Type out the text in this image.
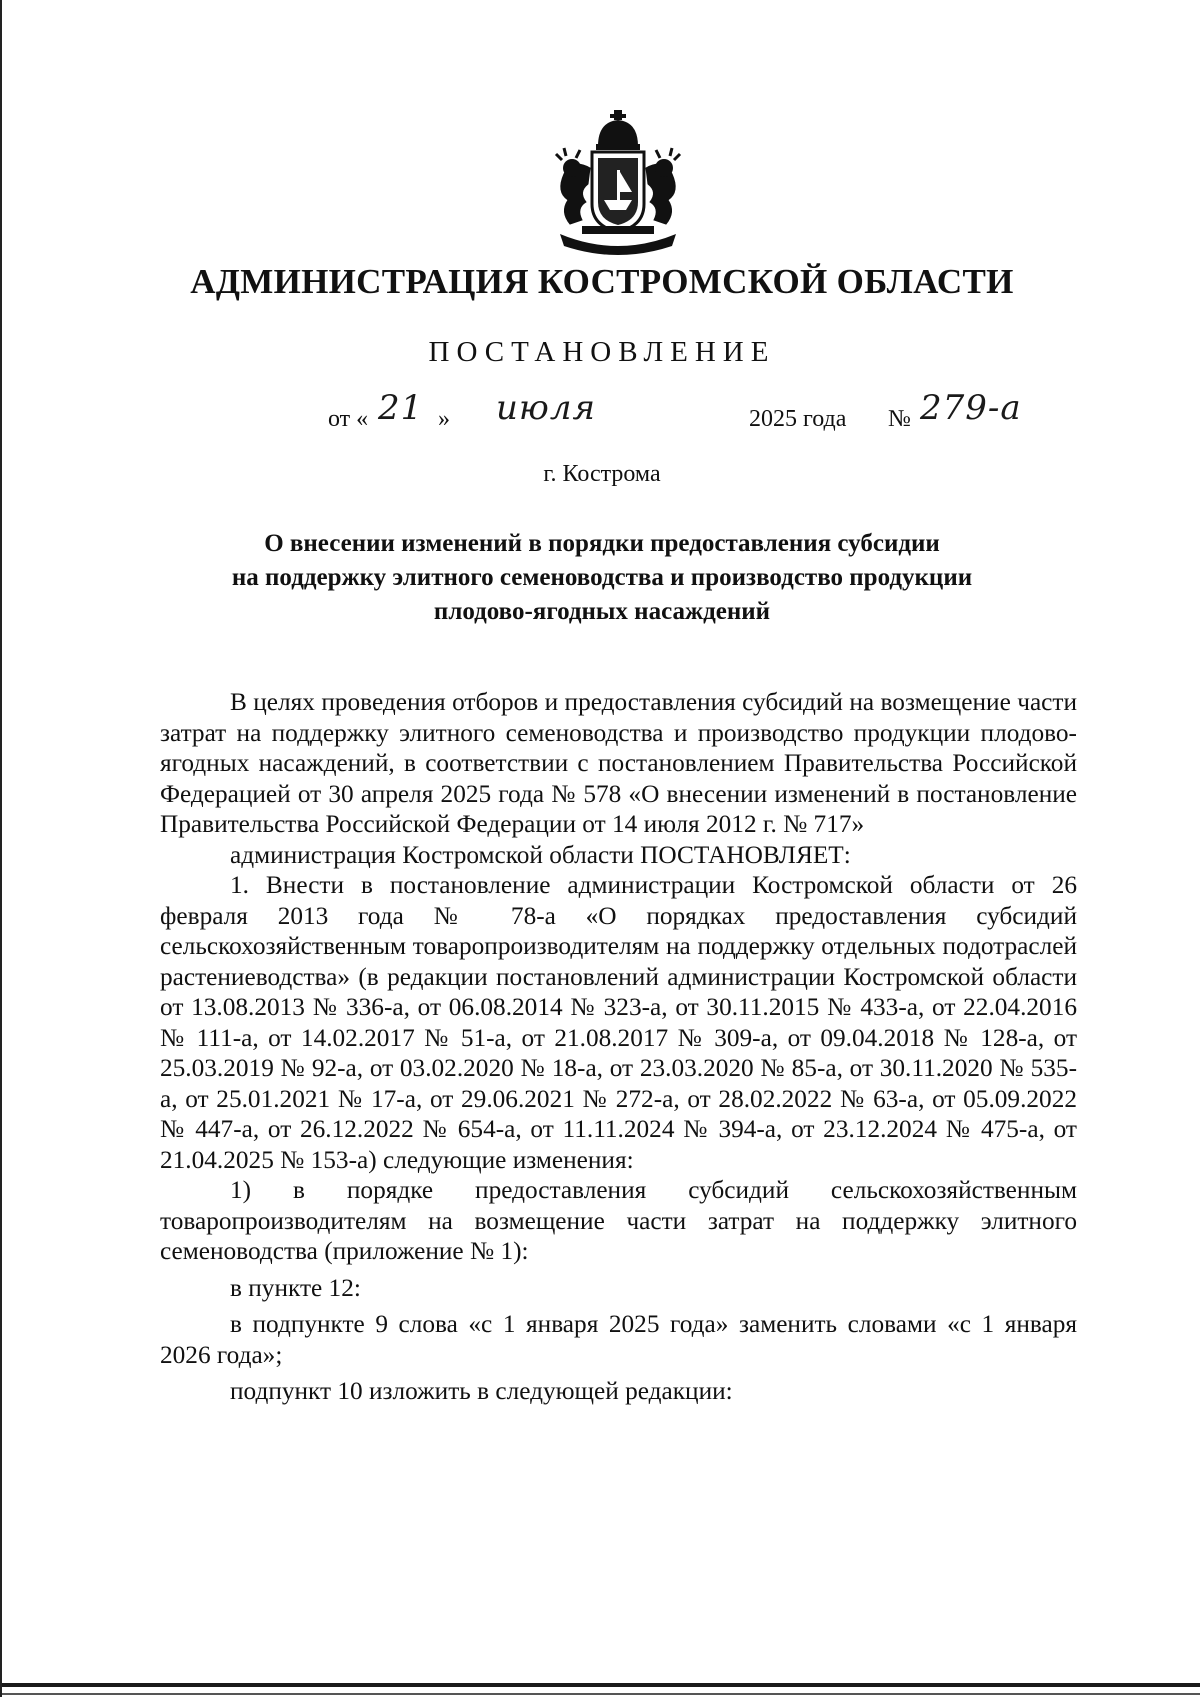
АДМИНИСТРАЦИЯ КОСТРОМСКОЙ ОБЛАСТИ
ПОСТАНОВЛЕНИЕ
от « 21 » июля	2025 года № 279-а
г. Кострома
О внесении изменений в порядки предоставления субсидии
на поддержку элитного семеноводства и производство продукции
плодово-ягодных насаждений

В целях проведения отборов и предоставления субсидий на возмещение части затрат на поддержку элитного семеноводства и производство продукции плодово-ягодных насаждений, в соответствии с постановлением Правительства Российской Федерацией от 30 апреля 2025 года № 578 «О внесении изменений в постановление Правительства Российской Федерации от 14 июля 2012 г. № 717»

администрация Костромской области ПОСТАНОВЛЯЕТ:

1. Внести в постановление администрации Костромской области от 26 февраля 2013 года № 78-а «О порядках предоставления субсидий сельскохозяйственным товаропроизводителям на поддержку отдельных подотраслей растениеводства» (в редакции постановлений администрации Костромской области от 13.08.2013 № 336-а, от 06.08.2014 № 323-а, от 30.11.2015 № 433-а, от 22.04.2016 № 111-а, от 14.02.2017 № 51-а, от 21.08.2017 № 309-а, от 09.04.2018 № 128-а, от 25.03.2019 № 92-а, от 03.02.2020 № 18-а, от 23.03.2020 № 85-а, от 30.11.2020 № 535-а, от 25.01.2021 № 17-а, от 29.06.2021 № 272-а, от 28.02.2022 № 63-а, от 05.09.2022 № 447-а, от 26.12.2022 № 654-а, от 11.11.2024 № 394-а, от 23.12.2024 № 475-а, от 21.04.2025 № 153-а) следующие изменения:

1) в порядке предоставления субсидий сельскохозяйственным товаропроизводителям на возмещение части затрат на поддержку элитного семеноводства (приложение № 1):

в пункте 12:

в подпункте 9 слова «с 1 января 2025 года» заменить словами «с 1 января 2026 года»;

подпункт 10 изложить в следующей редакции:
